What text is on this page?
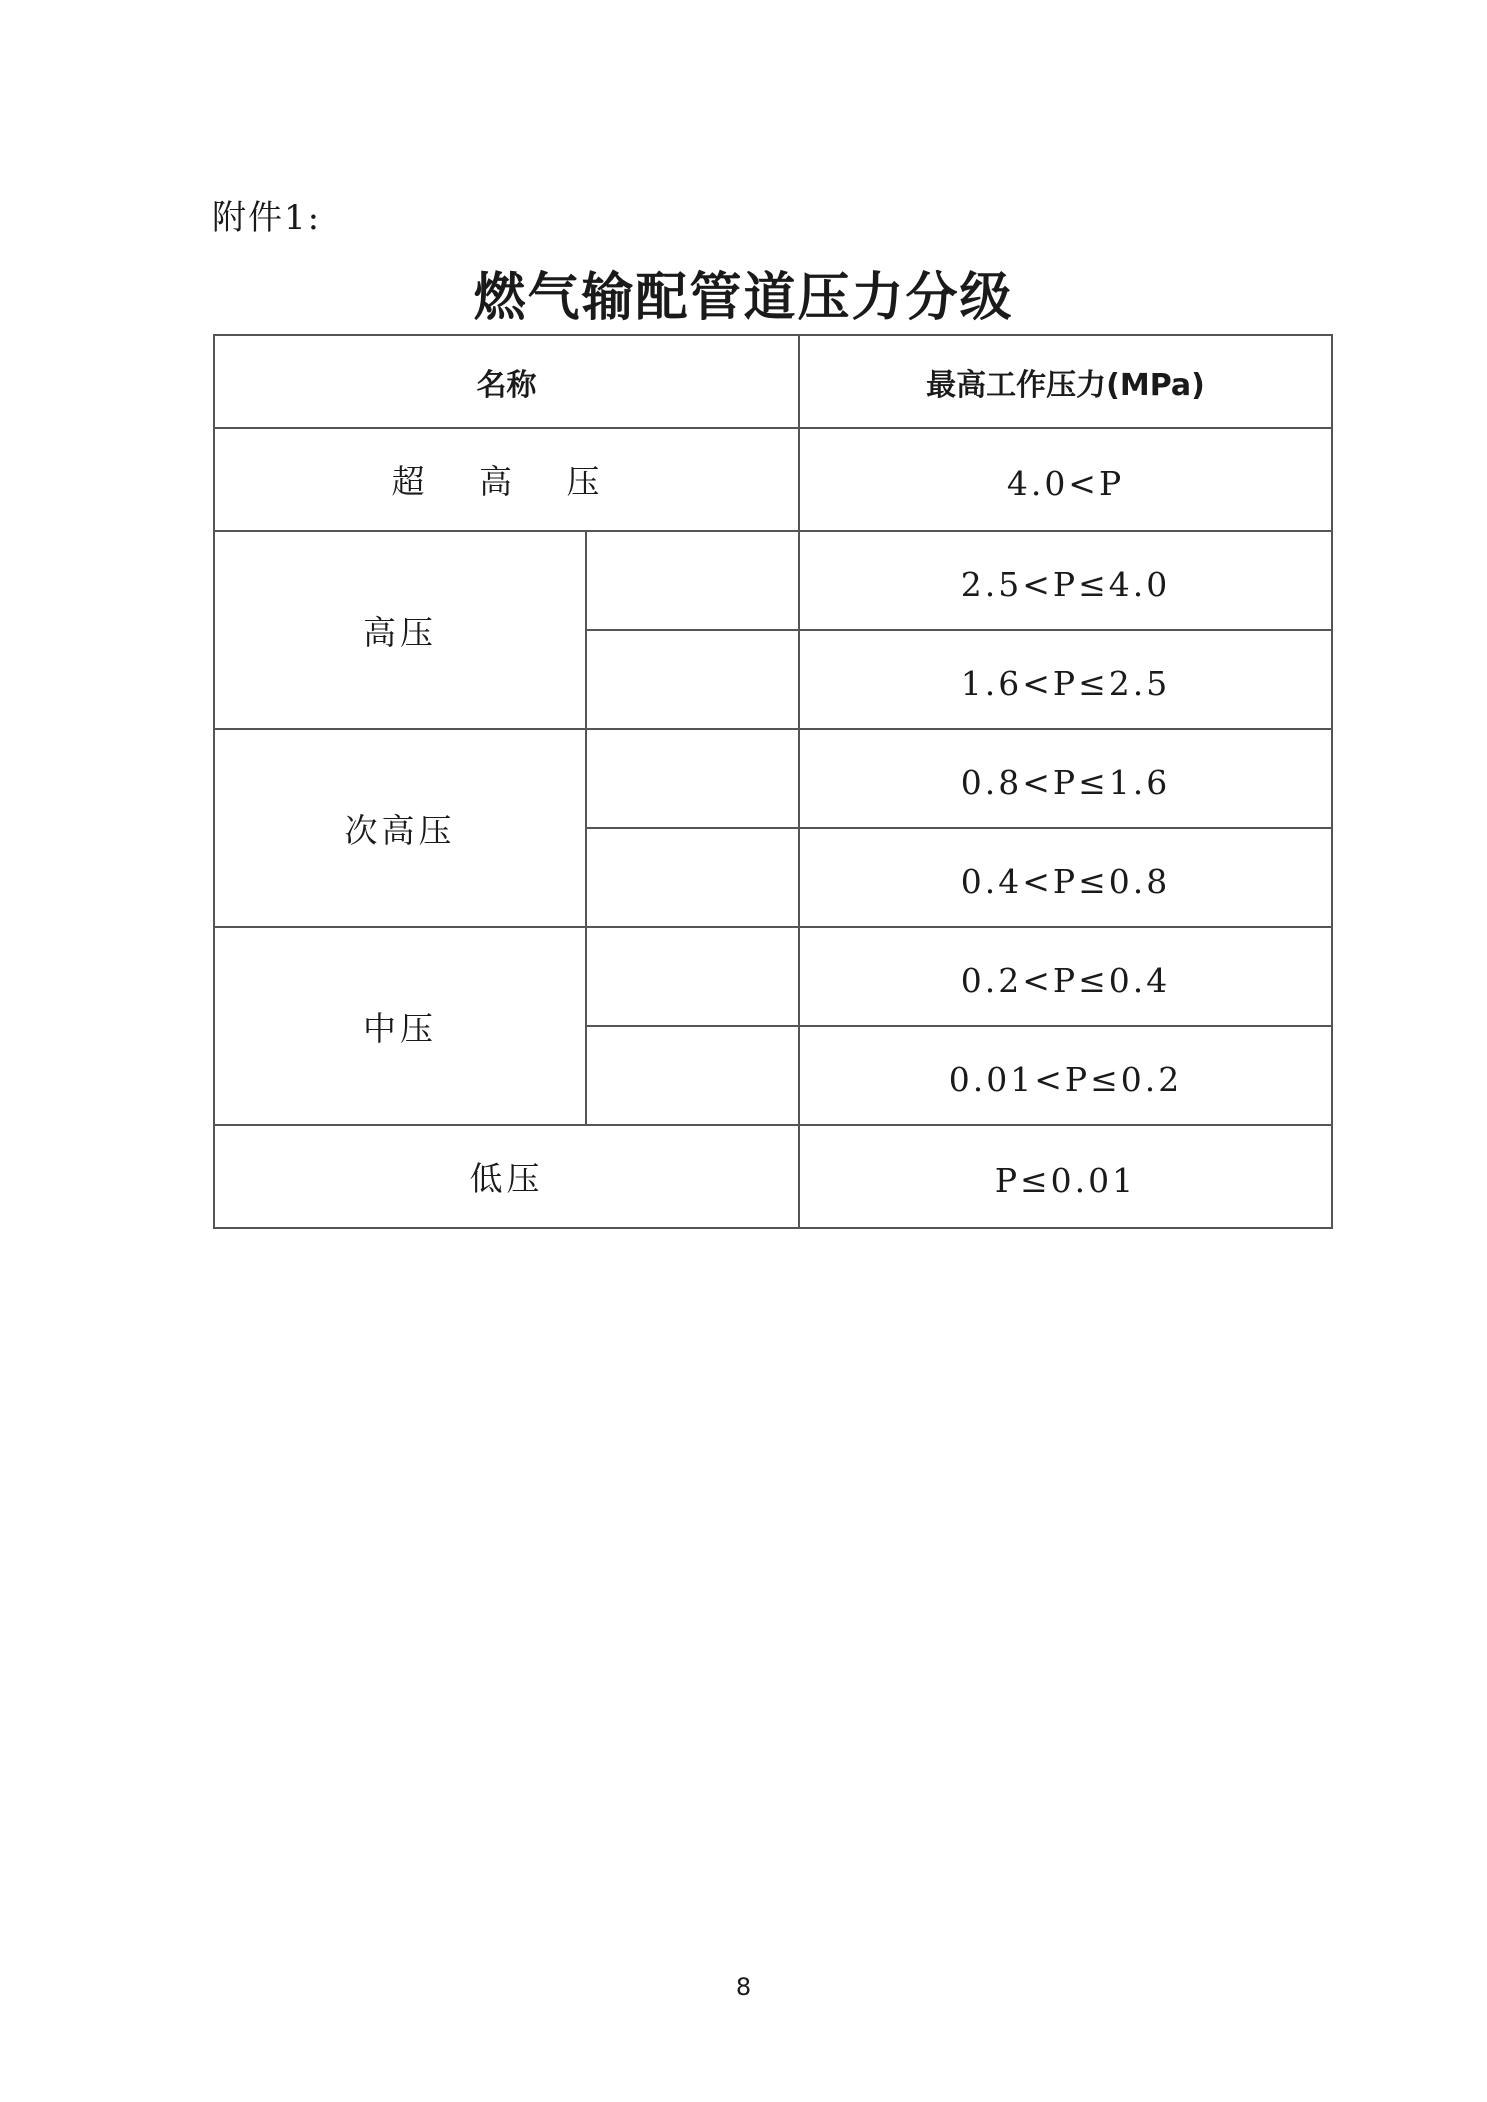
附件1:
燃气输配管道压力分级
名称		最高工作压力(MPa)
超 高 压		4.0<P
高压		2.5<P≤4.0
		1.6<P≤2.5
次高压		0.8<P≤1.6
		0.4<P≤0.8
中压		0.2<P≤0.4
		0.01<P≤0.2
低压		P≤0.01
8
